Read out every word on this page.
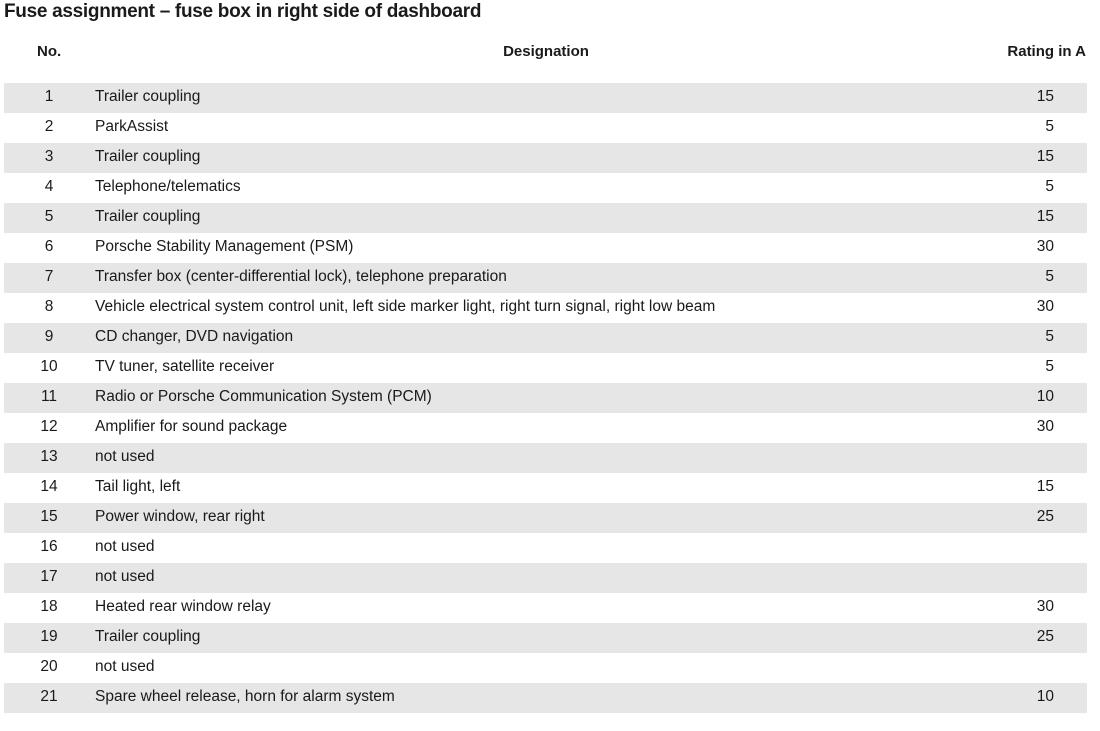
Fuse assignment – fuse box in right side of dashboard
No.	Designation	Rating in A
1	Trailer coupling	15
2	ParkAssist	5
3	Trailer coupling	15
4	Telephone/telematics	5
5	Trailer coupling	15
6	Porsche Stability Management (PSM)	30
7	Transfer box (center-differential lock), telephone preparation	5
8	Vehicle electrical system control unit, left side marker light, right turn signal, right low beam	30
9	CD changer, DVD navigation	5
10	TV tuner, satellite receiver	5
11	Radio or Porsche Communication System (PCM)	10
12	Amplifier for sound package	30
13	not used
14	Tail light, left	15
15	Power window, rear right	25
16	not used
17	not used
18	Heated rear window relay	30
19	Trailer coupling	25
20	not used
21	Spare wheel release, horn for alarm system	10
